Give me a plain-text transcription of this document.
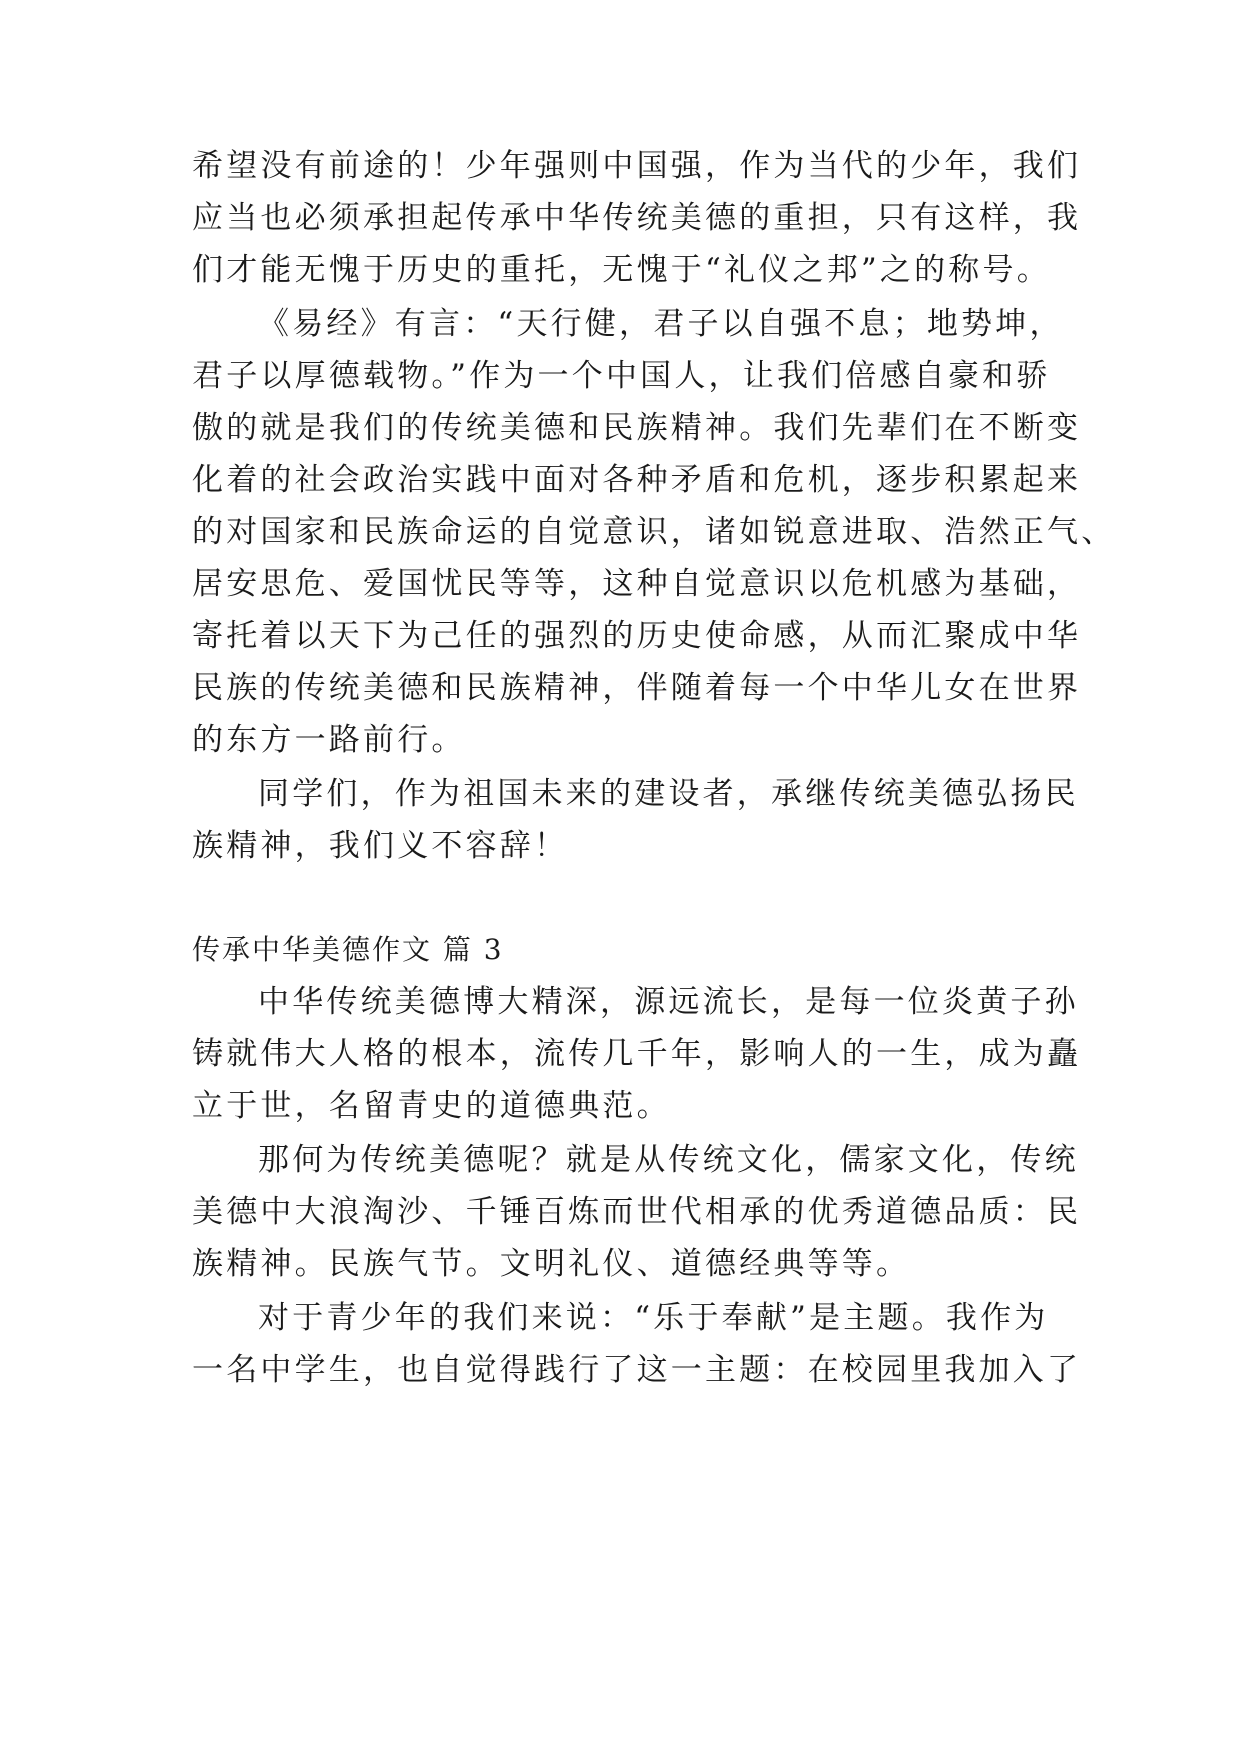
希望没有前途的！少年强则中国强，作为当代的少年，我们
应当也必须承担起传承中华传统美德的重担，只有这样，我
们才能无愧于历史的重托，无愧于“礼仪之邦”之的称号。
《易经》有言：“天行健，君子以自强不息；地势坤，
君子以厚德载物。”作为一个中国人，让我们倍感自豪和骄
傲的就是我们的传统美德和民族精神。我们先辈们在不断变
化着的社会政治实践中面对各种矛盾和危机，逐步积累起来
的对国家和民族命运的自觉意识，诸如锐意进取、浩然正气、
居安思危、爱国忧民等等，这种自觉意识以危机感为基础，
寄托着以天下为己任的强烈的历史使命感，从而汇聚成中华
民族的传统美德和民族精神，伴随着每一个中华儿女在世界
的东方一路前行。
同学们，作为祖国未来的建设者，承继传统美德弘扬民
族精神，我们义不容辞！
传承中华美德作文 篇 3
中华传统美德博大精深，源远流长，是每一位炎黄子孙
铸就伟大人格的根本，流传几千年，影响人的一生，成为矗
立于世，名留青史的道德典范。
那何为传统美德呢？就是从传统文化，儒家文化，传统
美德中大浪淘沙、千锤百炼而世代相承的优秀道德品质：民
族精神。民族气节。文明礼仪、道德经典等等。
对于青少年的我们来说：“乐于奉献”是主题。我作为
一名中学生，也自觉得践行了这一主题：在校园里我加入了
